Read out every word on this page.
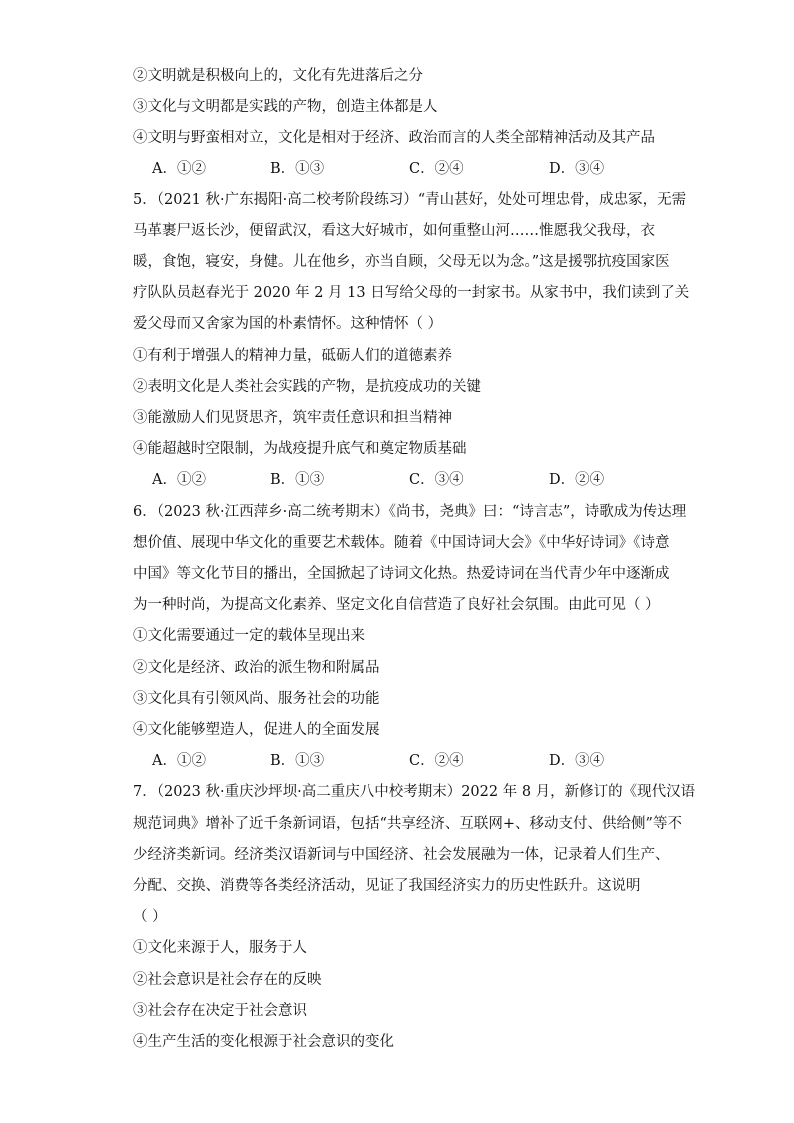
②文明就是积极向上的，文化有先进落后之分
③文化与文明都是实践的产物，创造主体都是人
④文明与野蛮相对立，文化是相对于经济、政治而言的人类全部精神活动及其产品
A．①②	B．①③	C．②④	D．③④
5．（2021 秋·广东揭阳·高二校考阶段练习）“青山甚好，处处可埋忠骨，成忠冢，无需
马革裹尸返长沙，便留武汉，看这大好城市，如何重整山河……惟愿我父我母，衣
暖，食饱，寝安，身健。儿在他乡，亦当自顾，父母无以为念。”这是援鄂抗疫国家医
疗队队员赵春光于 2020 年 2 月 13 日写给父母的一封家书。从家书中，我们读到了关
爱父母而又舍家为国的朴素情怀。这种情怀（ ）
①有利于增强人的精神力量，砥砺人们的道德素养
②表明文化是人类社会实践的产物，是抗疫成功的关键
③能激励人们见贤思齐，筑牢责任意识和担当精神
④能超越时空限制，为战疫提升底气和奠定物质基础
A．①②	B．①③	C．③④	D．②④
6．（2023 秋·江西萍乡·高二统考期末）《尚书，尧典》曰：“诗言志”，诗歌成为传达理
想价值、展现中华文化的重要艺术载体。随着《中国诗词大会》《中华好诗词》《诗意
中国》等文化节目的播出，全国掀起了诗词文化热。热爱诗词在当代青少年中逐渐成
为一种时尚，为提高文化素养、坚定文化自信营造了良好社会氛围。由此可见（ ）
①文化需要通过一定的载体呈现出来
②文化是经济、政治的派生物和附属品
③文化具有引领风尚、服务社会的功能
④文化能够塑造人，促进人的全面发展
A．①②	B．①③	C．②④	D．③④
7．（2023 秋·重庆沙坪坝·高二重庆八中校考期末）2022 年 8 月，新修订的《现代汉语
规范词典》增补了近千条新词语，包括“共享经济、互联网+、移动支付、供给侧”等不
少经济类新词。经济类汉语新词与中国经济、社会发展融为一体，记录着人们生产、
分配、交换、消费等各类经济活动，见证了我国经济实力的历史性跃升。这说明
（ ）
①文化来源于人，服务于人
②社会意识是社会存在的反映
③社会存在决定于社会意识
④生产生活的变化根源于社会意识的变化
